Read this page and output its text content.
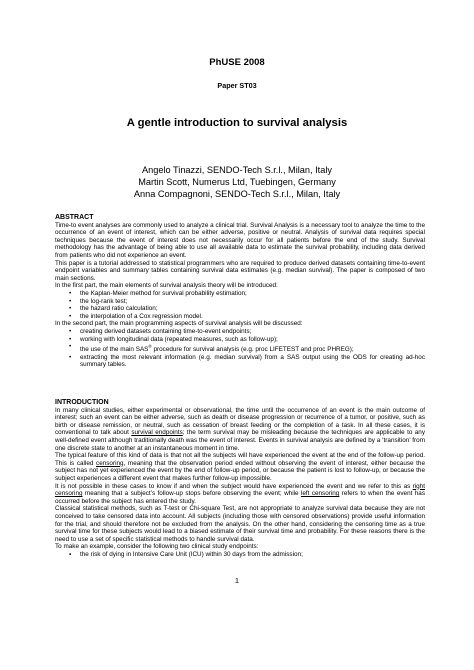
PhUSE 2008
Paper ST03
A gentle introduction to survival analysis
Angelo Tinazzi, SENDO-Tech S.r.l., Milan, Italy
Martin Scott, Numerus Ltd, Tuebingen, Germany
Anna Compagnoni, SENDO-Tech S.r.l., Milan, Italy

ABSTRACT

Time-to event analyses are commonly used to analyze a clinical trial. Survival Analysis is a necessary tool to analyze the time to the occurrence of an event of interest, which can be either adverse, positive or neutral. Analysis of survival data requires special techniques because the event of interest does not necessarily occur for all patients before the end of the study. Survival methodology has the advantage of being able to use all available data to estimate the survival probability, including data derived from patients who did not experience an event.

This paper is a tutorial addressed to statistical programmers who are required to produce derived datasets containing time-to-event endpoint variables and summary tables containing survival data estimates (e.g. median survival). The paper is composed of two main sections.

In the first part, the main elements of survival analysis theory will be introduced:

• the Kaplan-Meier method for survival probability estimation;
• the log-rank test;
• the hazard ratio calculation;
• the interpolation of a Cox regression model.

In the second part, the main programming aspects of survival analysis will be discussed:

• creating derived datasets containing time-to-event endpoints;
• working with longitudinal data (repeated measures, such as follow-up);
• the use of the main SAS® procedure for survival analysis (e.g. proc LIFETEST and proc PHREG);
• extracting the most relevant information (e.g. median survival) from a SAS output using the ODS for creating ad-hoc summary tables.

INTRODUCTION

In many clinical studies, either experimental or observational, the time until the occurrence of an event is the main outcome of interest; such an event can be either adverse, such as death or disease progression or recurrence of a tumor, or positive, such as birth or disease remission, or neutral, such as cessation of breast feeding or the completion of a task. In all these cases, it is conventional to talk about survival endpoints; the term survival may be misleading because the techniques are applicable to any well-defined event although traditionally death was the event of interest. Events in survival analysis are defined by a ‘transition’ from one discrete state to another at an instantaneous moment in time.

The typical feature of this kind of data is that not all the subjects will have experienced the event at the end of the follow-up period. This is called censoring, meaning that the observation period ended without observing the event of interest, either because the subject has not yet experienced the event by the end of follow-up period, or because the patient is lost to follow-up, or because the subject experiences a different event that makes further follow-up impossible.

It is not possible in these cases to know if and when the subject would have experienced the event and we refer to this as right censoring meaning that a subject’s follow-up stops before observing the event; while left censoring refers to when the event has occurred before the subject has entered the study.

Classical statistical methods, such as T-test or Chi-square Test, are not appropriate to analyze survival data because they are not conceived to take censored data into account. All subjects (including those with censored observations) provide useful information for the trial, and should therefore not be excluded from the analysis. On the other hand, considering the censoring time as a true survival time for these subjects would lead to a biased estimate of their survival time and probability. For these reasons there is the need to use a set of specific statistical methods to handle survival data.

To make an example, consider the following two clinical study endpoints:

▪ the risk of dying in Intensive Care Unit (ICU) within 30 days from the admission;
1
